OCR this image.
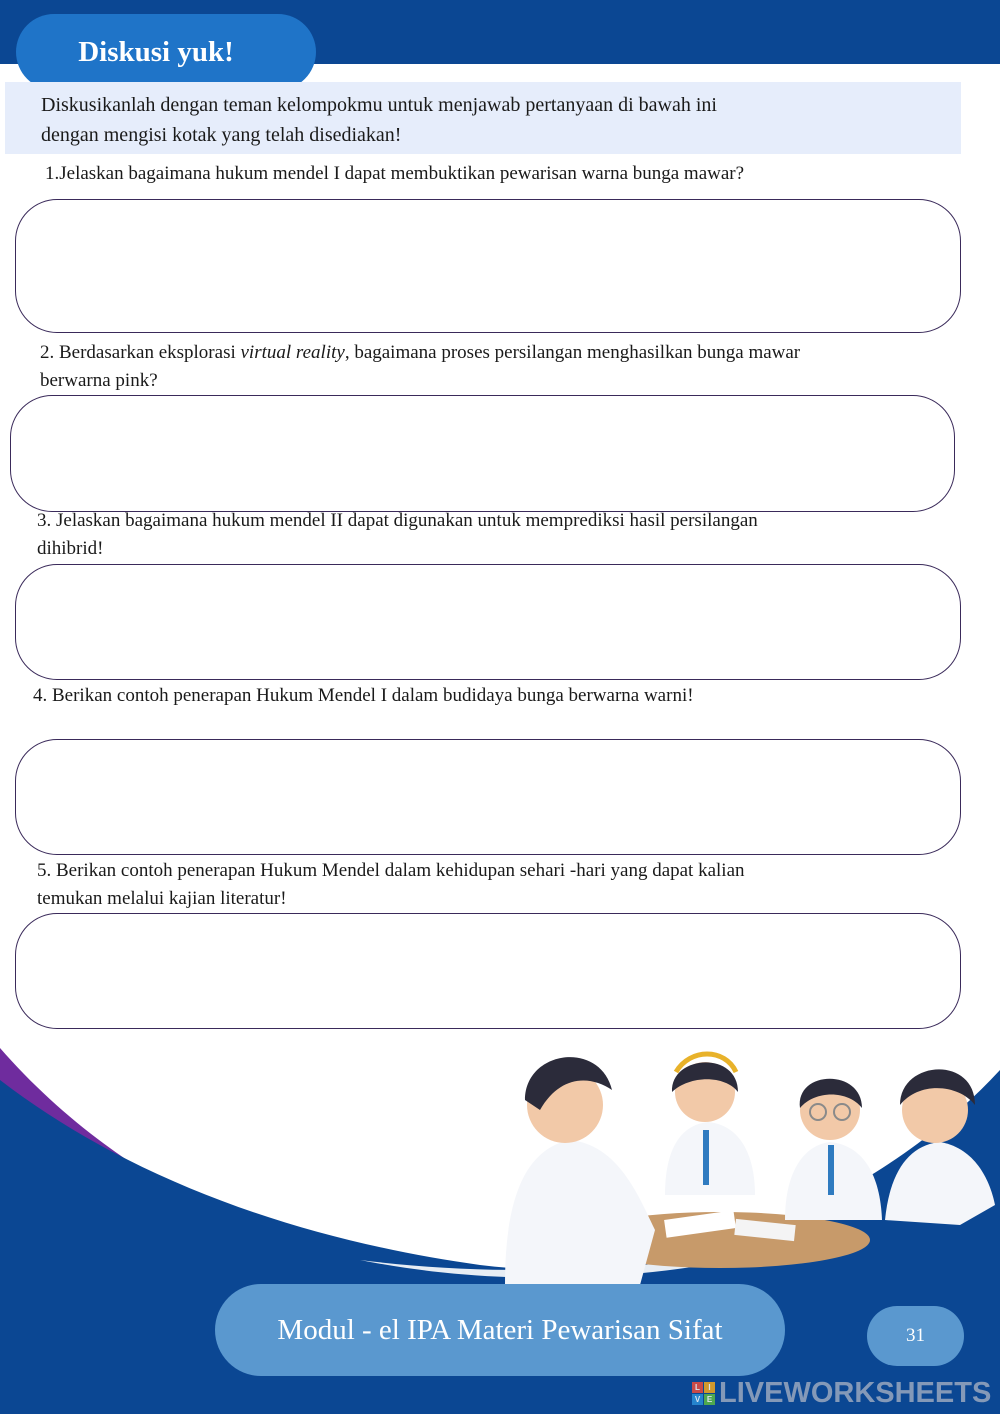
Diskusi yuk!
Diskusikanlah dengan teman kelompokmu untuk menjawab pertanyaan di bawah ini
dengan mengisi kotak yang telah disediakan!

1.Jelaskan bagaimana hukum mendel I dapat membuktikan pewarisan warna bunga mawar?

2. Berdasarkan eksplorasi virtual reality, bagaimana proses persilangan menghasilkan bunga mawar
berwarna pink?

3. Jelaskan bagaimana hukum mendel II dapat digunakan untuk memprediksi hasil persilangan
dihibrid!

4. Berikan contoh penerapan Hukum Mendel I dalam budidaya bunga berwarna warni!

5. Berikan contoh penerapan Hukum Mendel dalam kehidupan sehari -hari yang dapat kalian
temukan melalui kajian literatur!

Modul - el IPA Materi Pewarisan Sifat	31
L	I
V E LIVEWORKSHEETS
